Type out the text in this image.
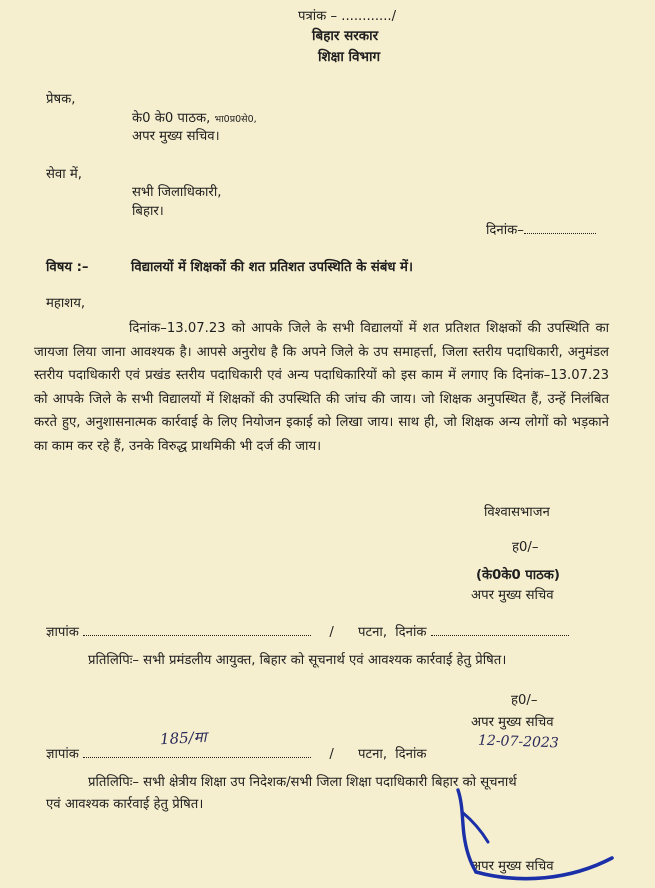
पत्रांक – ............/
बिहार सरकार
शिक्षा विभाग
प्रेषक,
के0 के0 पाठक, भा0प्र0से0,
अपर मुख्य सचिव।
सेवा में,
सभी जिलाधिकारी,
बिहार।
दिनांक–
विषय :–	विद्यालयों में शिक्षकों की शत प्रतिशत उपस्थिति के संबंध में।
महाशय,
दिनांक–13.07.23 को आपके जिले के सभी विद्यालयों में शत प्रतिशत शिक्षकों की उपस्थिति का जायजा लिया जाना आवश्यक है। आपसे अनुरोध है कि अपने जिले के उप समाहर्त्ता, जिला स्तरीय पदाधिकारी, अनुमंडल स्तरीय पदाधिकारी एवं प्रखंड स्तरीय पदाधिकारी एवं अन्य पदाधिकारियों को इस काम में लगाए कि दिनांक–13.07.23 को आपके जिले के सभी विद्यालयों में शिक्षकों की उपस्थिति की जांच की जाय। जो शिक्षक अनुपस्थित हैं, उन्हें निलंबित करते हुए, अनुशासनात्मक कार्रवाई के लिए नियोजन इकाई को लिखा जाय। साथ ही, जो शिक्षक अन्य लोगों को भड़काने का काम कर रहे हैं, उनके विरुद्ध प्राथमिकी भी दर्ज की जाय।
विश्वासभाजन
ह0/–
(के0के0 पाठक)
अपर मुख्य सचिव
ज्ञापांक	/ पटना, दिनांक
प्रतिलिपिः– सभी प्रमंडलीय आयुक्त, बिहार को सूचनार्थ एवं आवश्यक कार्रवाई हेतु प्रेषित।
ह0/–
अपर मुख्य सचिव
ज्ञापांक	/ पटना, दिनांक
185/मा	12-07-2023
प्रतिलिपिः– सभी क्षेत्रीय शिक्षा उप निदेशक/सभी जिला शिक्षा पदाधिकारी बिहार को सूचनार्थ
एवं आवश्यक कार्रवाई हेतु प्रेषित।
अपर मुख्य सचिव
